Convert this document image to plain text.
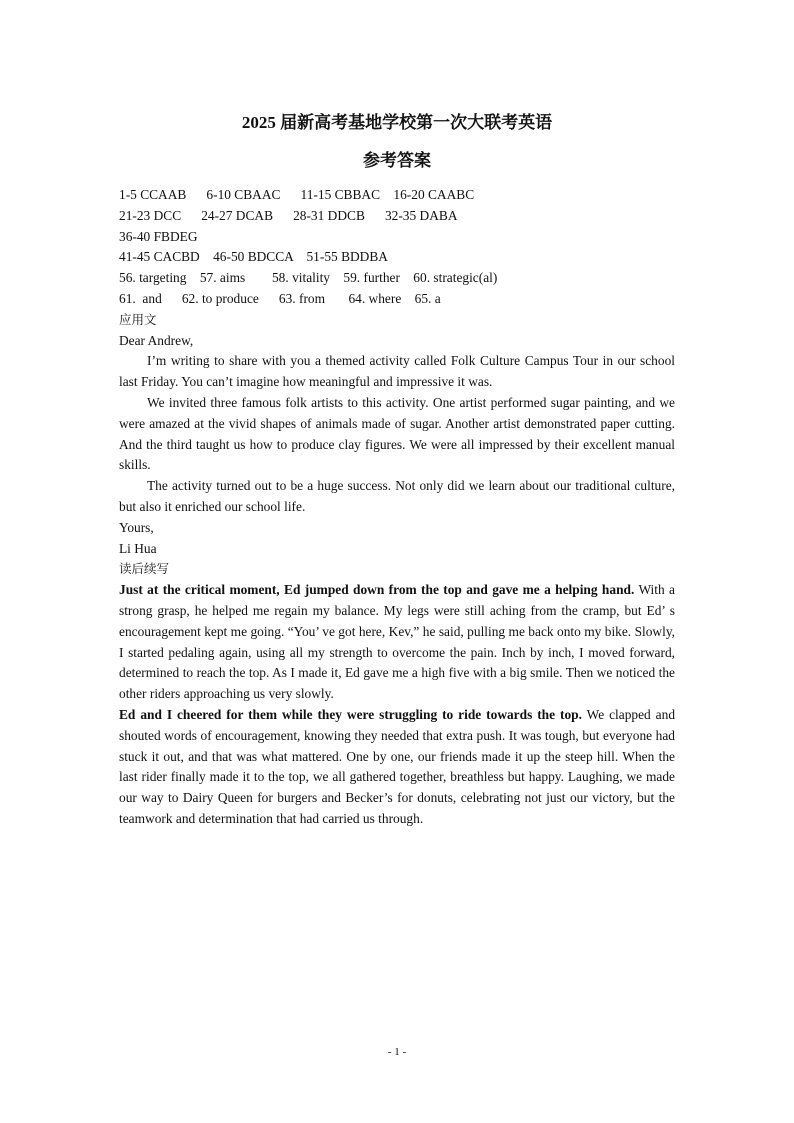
2025 届新高考基地学校第一次大联考英语
参考答案
1-5 CCAAB      6-10 CBAAC      11-15 CBBAC    16-20 CAABC
21-23 DCC      24-27 DCAB      28-31 DDCB      32-35 DABA
36-40 FBDEG
41-45 CACBD    46-50 BDCCA    51-55 BDDBA
56. targeting    57. aims        58. vitality    59. further    60. strategic(al)
61.  and      62. to produce      63. from       64. where    65. a
应用文
Dear Andrew,

I’m writing to share with you a themed activity called Folk Culture Campus Tour in our school last Friday. You can’t imagine how meaningful and impressive it was.

We invited three famous folk artists to this activity. One artist performed sugar painting, and we were amazed at the vivid shapes of animals made of sugar. Another artist demonstrated paper cutting. And the third taught us how to produce clay figures. We were all impressed by their excellent manual skills.

The activity turned out to be a huge success. Not only did we learn about our traditional culture, but also it enriched our school life.

Yours,
Li Hua
读后续写

Just at the critical moment, Ed jumped down from the top and gave me a helping hand. With a strong grasp, he helped me regain my balance. My legs were still aching from the cramp, but Ed’ s encouragement kept me going. “You’ ve got here, Kev,” he said, pulling me back onto my bike. Slowly, I started pedaling again, using all my strength to overcome the pain. Inch by inch, I moved forward, determined to reach the top. As I made it, Ed gave me a high five with a big smile. Then we noticed the other riders approaching us very slowly.

Ed and I cheered for them while they were struggling to ride towards the top. We clapped and shouted words of encouragement, knowing they needed that extra push. It was tough, but everyone had stuck it out, and that was what mattered. One by one, our friends made it up the steep hill. When the last rider finally made it to the top, we all gathered together, breathless but happy. Laughing, we made our way to Dairy Queen for burgers and Becker’s for donuts, celebrating not just our victory, but the teamwork and determination that had carried us through.

- 1 -
